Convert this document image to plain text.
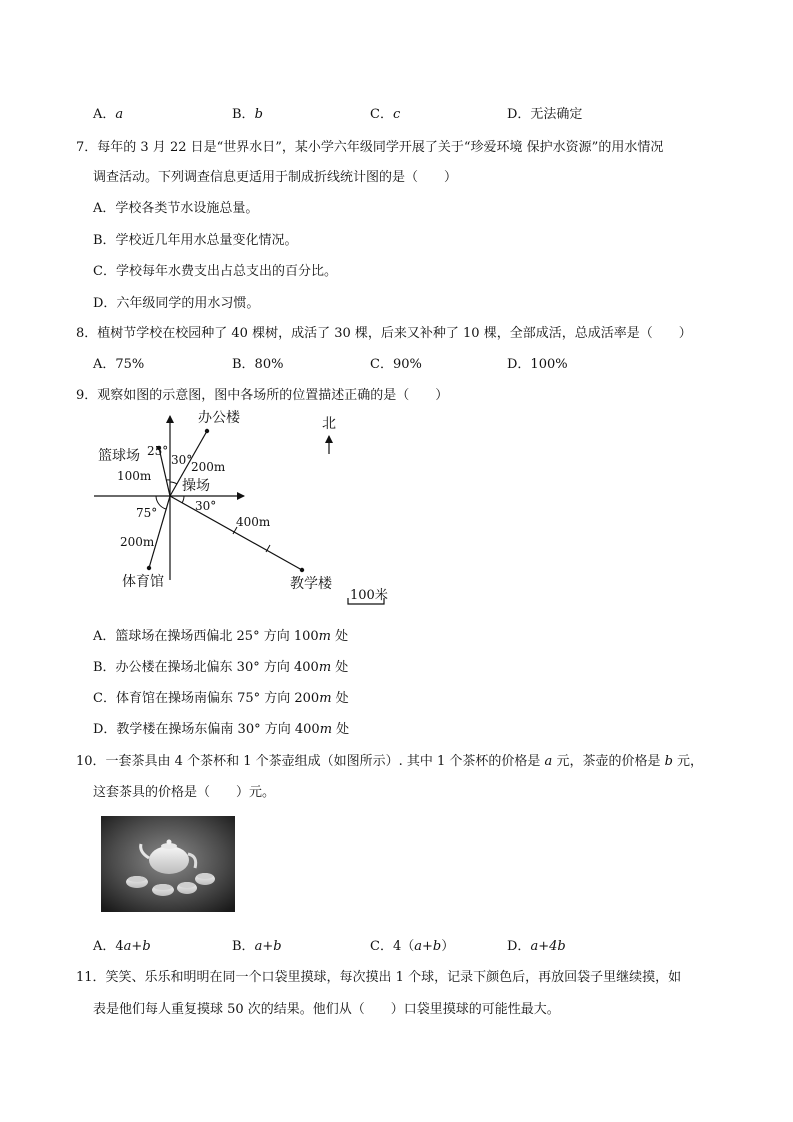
A．a	B．b	C．c	D．无法确定
7．每年的 3 月 22 日是“世界水日”，某小学六年级同学开展了关于“珍爱环境 保护水资源”的用水情况
调查活动。下列调查信息更适用于制成折线统计图的是（　　）
A．学校各类节水设施总量。
B．学校近几年用水总量变化情况。
C．学校每年水费支出占总支出的百分比。
D．六年级同学的用水习惯。
8．植树节学校在校园种了 40 棵树，成活了 30 棵，后来又补种了 10 棵，全部成活，总成活率是（　　）
A．75%	B．80%	C．90%	D．100%
9．观察如图的示意图，图中各场所的位置描述正确的是（　　）
办公楼
篮球场 25°
30°
200m
100m
操场
75°	30°
400m
200m
体育馆	教学楼
北
100米
A．篮球场在操场西偏北 25° 方向 100m 处
B．办公楼在操场北偏东 30° 方向 400m 处
C．体育馆在操场南偏东 75° 方向 200m 处
D．教学楼在操场东偏南 30° 方向 400m 处
10．一套茶具由 4 个茶杯和 1 个茶壶组成（如图所示）. 其中 1 个茶杯的价格是 a 元，茶壶的价格是 b 元，
这套茶具的价格是（　　）元。
A．4a+b	B．a+b	C．4（a+b）	D．a+4b
11．笑笑、乐乐和明明在同一个口袋里摸球，每次摸出 1 个球，记录下颜色后，再放回袋子里继续摸，如
表是他们每人重复摸球 50 次的结果。他们从（　　）口袋里摸球的可能性最大。
